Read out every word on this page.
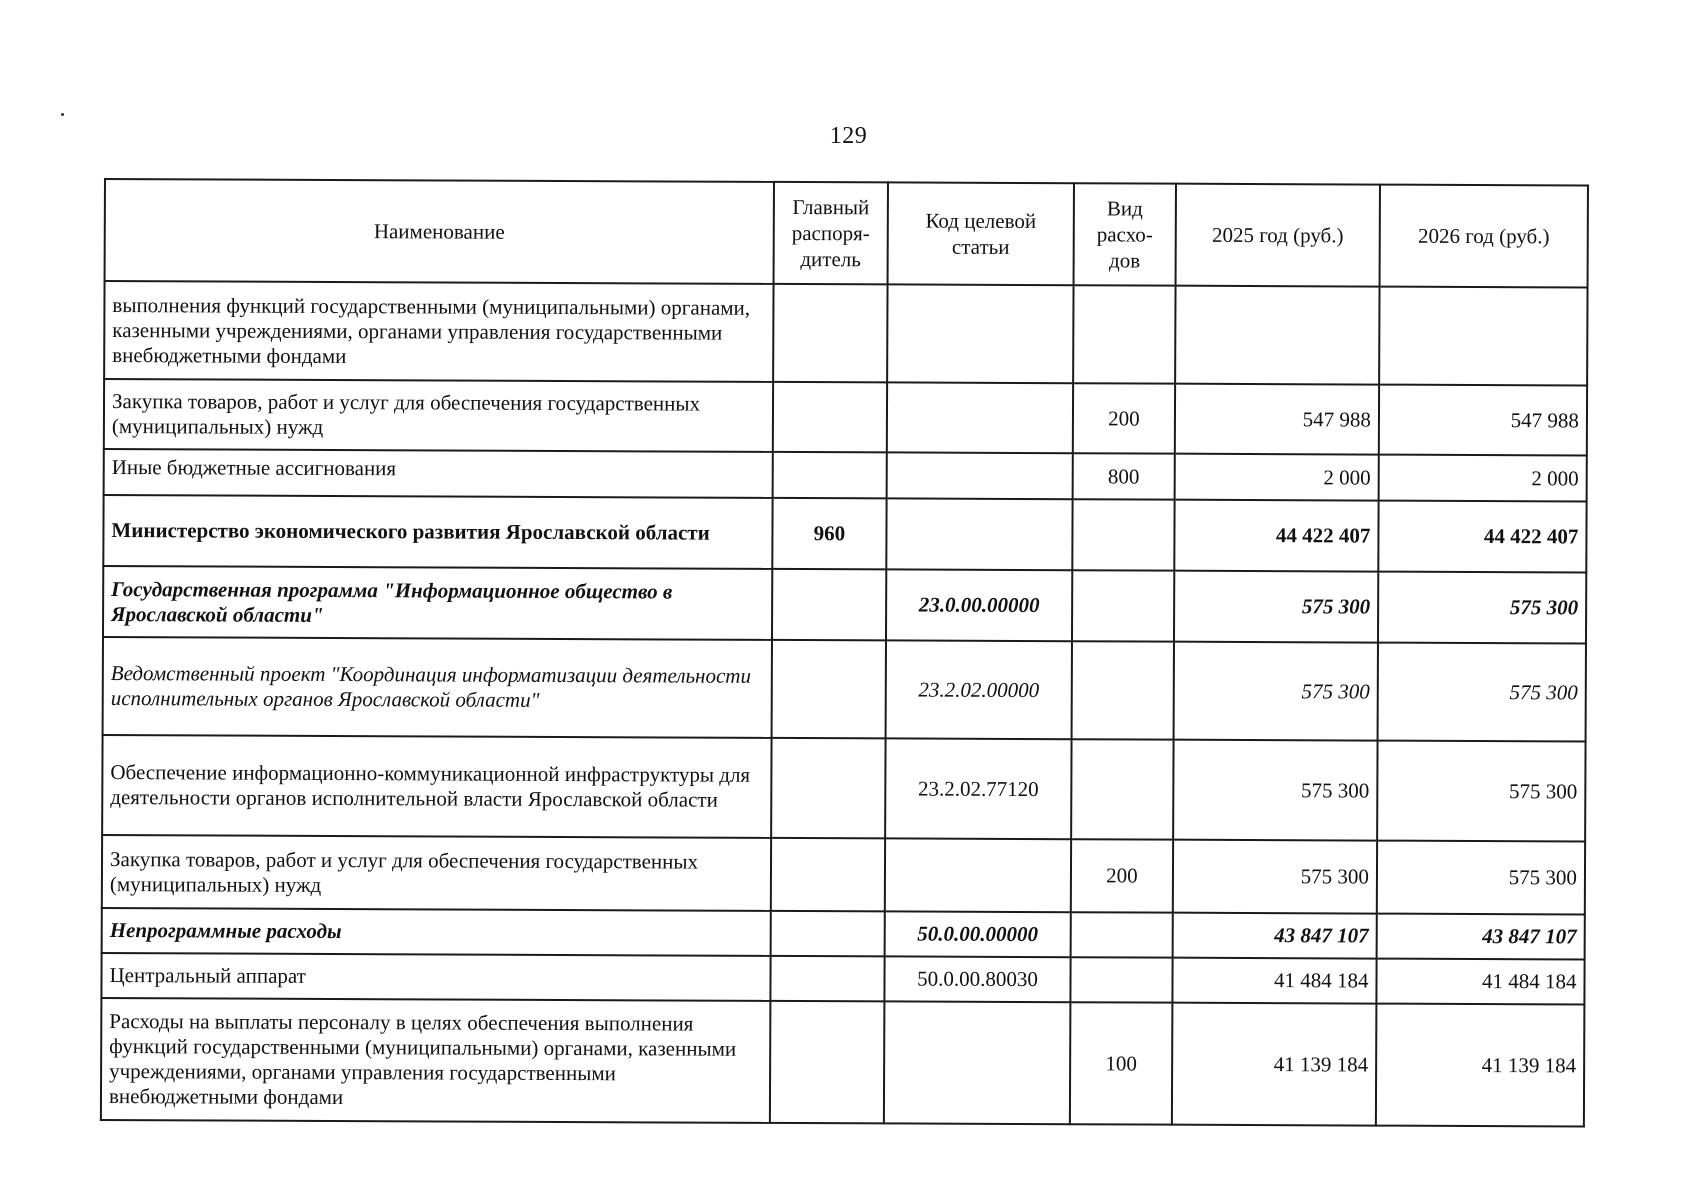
129
Наименование	Главный распоря-дитель	Код целевой статьи	Вид расхо-дов	2025 год (руб.)	2026 год (руб.)
выполнения функций государственными (муниципальными) органами, казенными учреждениями, органами управления государственными внебюджетными фондами					
Закупка товаров, работ и услуг для обеспечения государственных (муниципальных) нужд			200	547 988	547 988
Иные бюджетные ассигнования			800	2 000	2 000
Министерство экономического развития Ярославской области	960			44 422 407	44 422 407
Государственная программа "Информационное общество в Ярославской области"		23.0.00.00000		575 300	575 300
Ведомственный проект "Координация информатизации деятельности исполнительных органов Ярославской области"		23.2.02.00000		575 300	575 300
Обеспечение информационно-коммуникационной инфраструктуры для деятельности органов исполнительной власти Ярославской области		23.2.02.77120		575 300	575 300
Закупка товаров, работ и услуг для обеспечения государственных (муниципальных) нужд			200	575 300	575 300
Непрограммные расходы		50.0.00.00000		43 847 107	43 847 107
Центральный аппарат		50.0.00.80030		41 484 184	41 484 184
Расходы на выплаты персоналу в целях обеспечения выполнения функций государственными (муниципальными) органами, казенными учреждениями, органами управления государственными внебюджетными фондами			100	41 139 184	41 139 184
